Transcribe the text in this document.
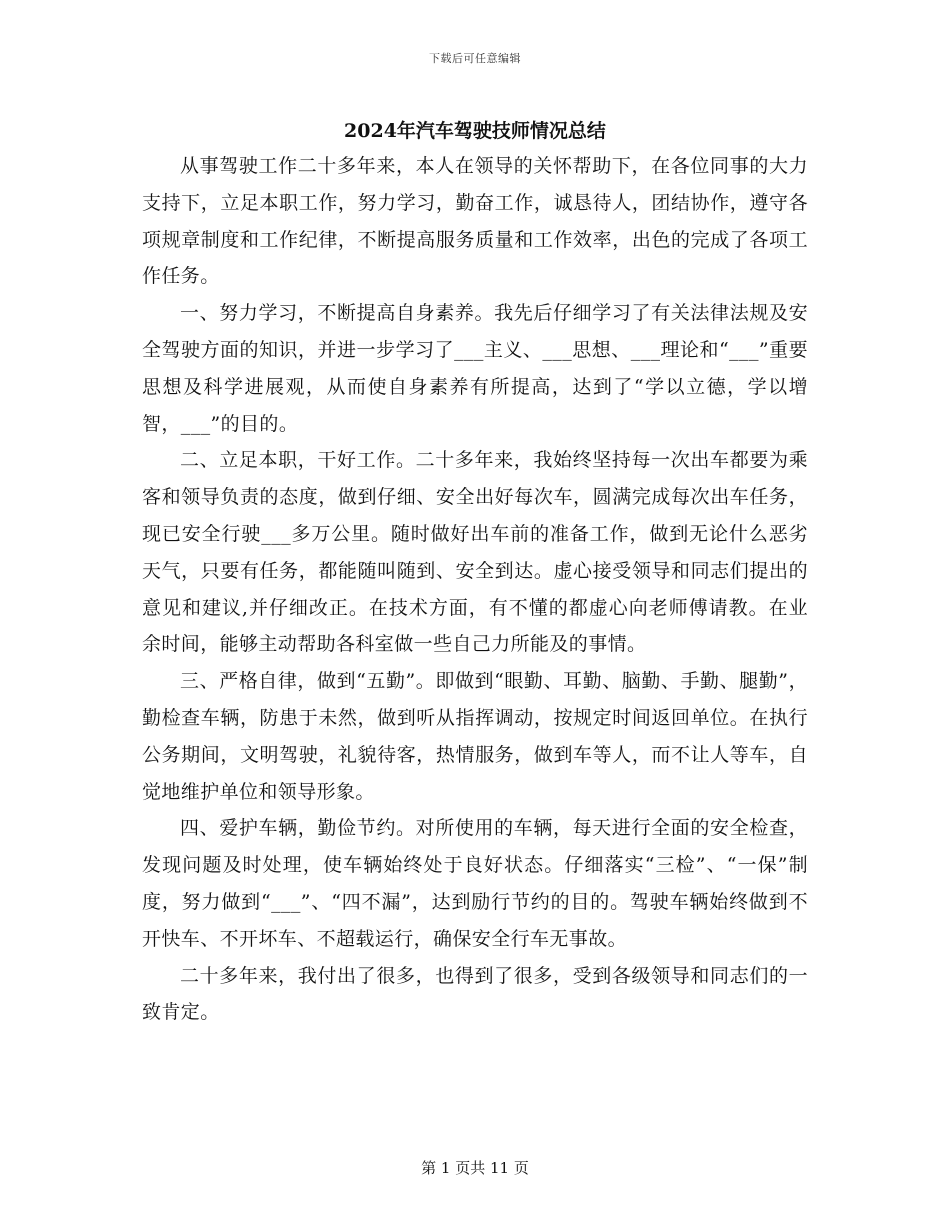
下载后可任意编辑
2024年汽车驾驶技师情况总结

从事驾驶工作二十多年来，本人在领导的关怀帮助下，在各位同事的大力支持下，立足本职工作，努力学习，勤奋工作，诚恳待人，团结协作，遵守各项规章制度和工作纪律，不断提高服务质量和工作效率，出色的完成了各项工作任务。

一、努力学习，不断提高自身素养。我先后仔细学习了有关法律法规及安全驾驶方面的知识，并进一步学习了___主义、___思想、___理论和“___”重要思想及科学进展观，从而使自身素养有所提高，达到了“学以立德，学以增智，___”的目的。

二、立足本职，干好工作。二十多年来，我始终坚持每一次出车都要为乘客和领导负责的态度，做到仔细、安全出好每次车，圆满完成每次出车任务，现已安全行驶___多万公里。随时做好出车前的准备工作，做到无论什么恶劣天气，只要有任务，都能随叫随到、安全到达。虚心接受领导和同志们提出的意见和建议,并仔细改正。在技术方面，有不懂的都虚心向老师傅请教。在业余时间，能够主动帮助各科室做一些自己力所能及的事情。

三、严格自律，做到“五勤”。即做到“眼勤、耳勤、脑勤、手勤、腿勤”，勤检查车辆，防患于未然，做到听从指挥调动，按规定时间返回单位。在执行公务期间，文明驾驶，礼貌待客，热情服务，做到车等人，而不让人等车，自觉地维护单位和领导形象。

四、爱护车辆，勤俭节约。对所使用的车辆，每天进行全面的安全检查，发现问题及时处理，使车辆始终处于良好状态。仔细落实“三检”、“一保”制度，努力做到“___”、“四不漏”，达到励行节约的目的。驾驶车辆始终做到不开快车、不开坏车、不超载运行，确保安全行车无事故。

二十多年来，我付出了很多，也得到了很多，受到各级领导和同志们的一致肯定。

第 1 页共 11 页
